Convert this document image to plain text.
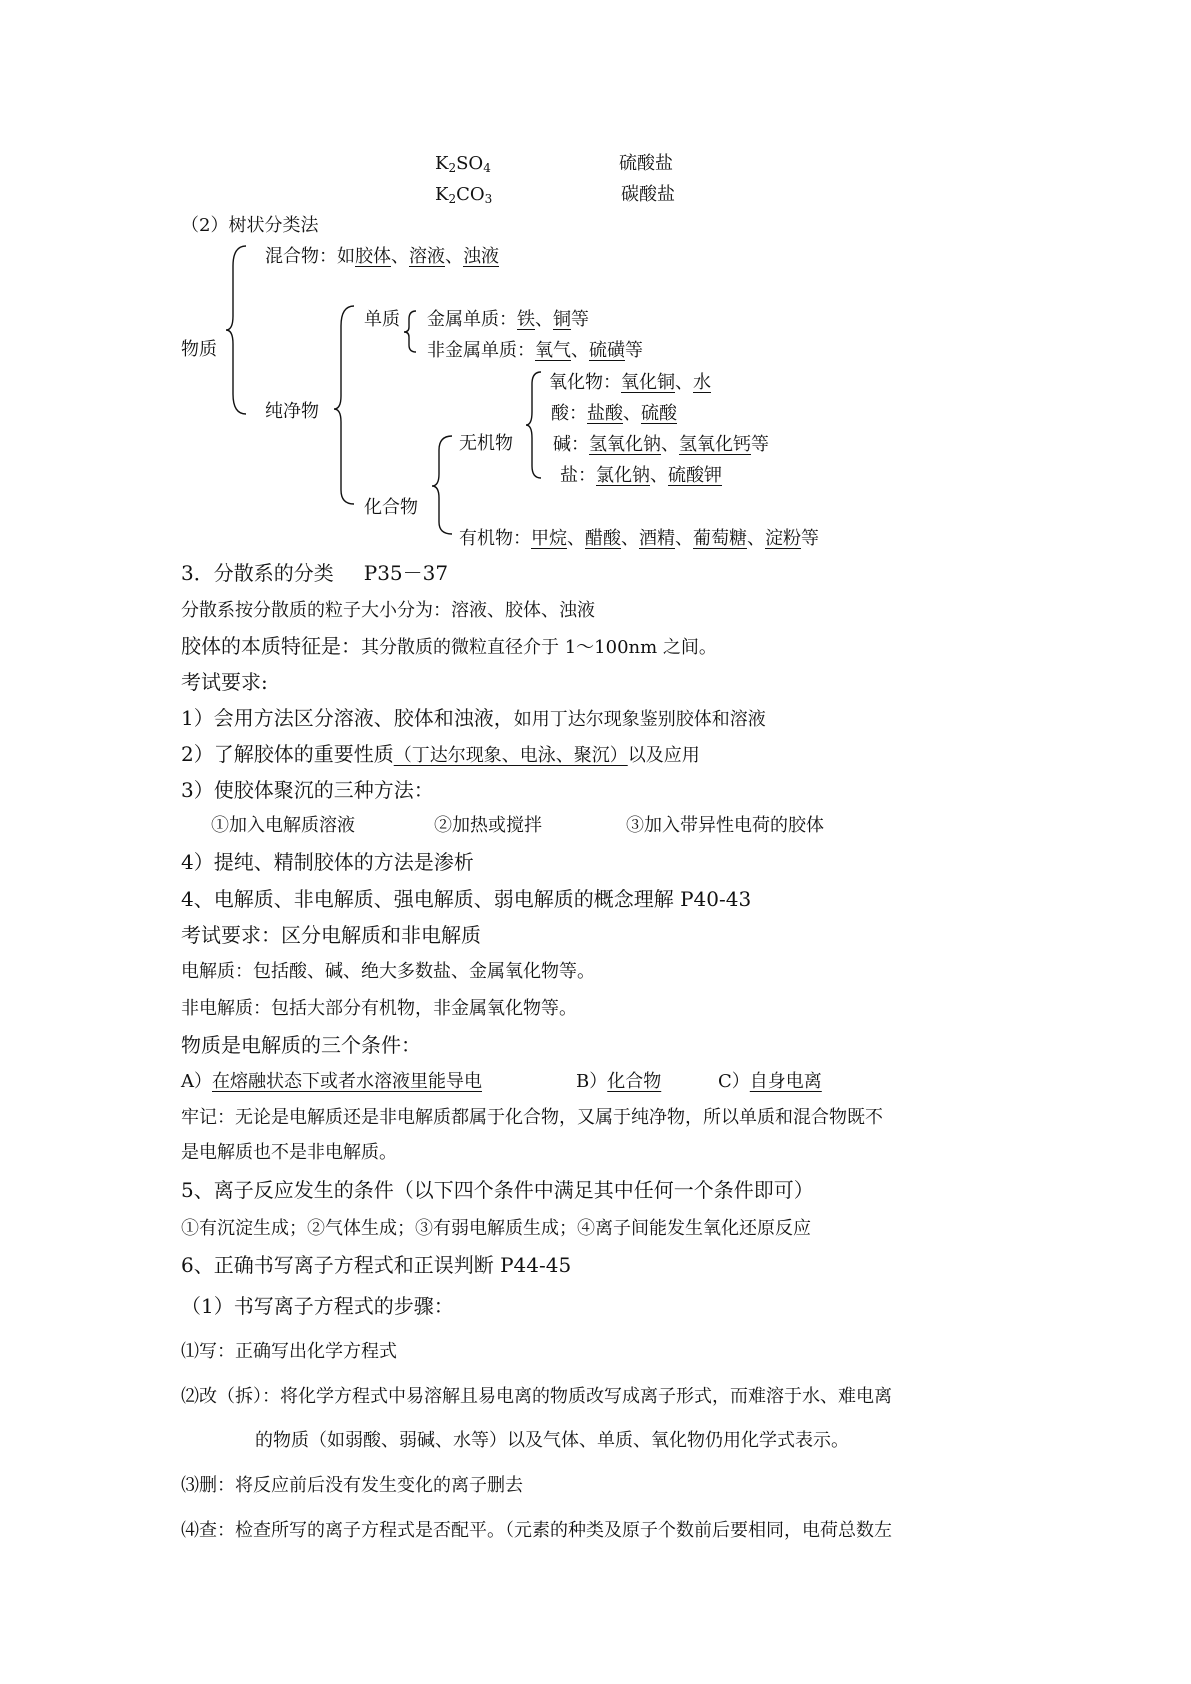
$K_2SO_4$	硫酸盐
$K_2CO_3$	碳酸盐
（2）树状分类法
物质
混合物：如胶体、溶液、浊液
纯净物
单质 金属单质：铁、铜等
非金属单质：氧气、硫磺等
化合物
无机物
氧化物：氧化铜、水
酸：盐酸、硫酸
碱：氢氧化钠、氢氧化钙等
盐：氯化钠、硫酸钾
有机物：甲烷、醋酸、酒精、葡萄糖、淀粉等
3．分散系的分类 P35－37
分散系按分散质的粒子大小分为：溶液、胶体、浊液
胶体的本质特征是：其分散质的微粒直径介于 1～100nm 之间。
考试要求:
1）会用方法区分溶液、胶体和浊液，如用丁达尔现象鉴别胶体和溶液
2）了解胶体的重要性质（丁达尔现象、电泳、聚沉）以及应用
3）使胶体聚沉的三种方法：
①加入电解质溶液	②加热或搅拌	③加入带异性电荷的胶体
4）提纯、精制胶体的方法是渗析
4、电解质、非电解质、强电解质、弱电解质的概念理解 P40-43
考试要求：区分电解质和非电解质
电解质：包括酸、碱、绝大多数盐、金属氧化物等。
非电解质：包括大部分有机物，非金属氧化物等。
物质是电解质的三个条件：
A）在熔融状态下或者水溶液里能导电	B）化合物	C）自身电离
牢记：无论是电解质还是非电解质都属于化合物，又属于纯净物，所以单质和混合物既不
是电解质也不是非电解质。
5、离子反应发生的条件（以下四个条件中满足其中任何一个条件即可）
①有沉淀生成；②气体生成；③有弱电解质生成；④离子间能发生氧化还原反应
6、正确书写离子方程式和正误判断 P44-45
（1）书写离子方程式的步骤：
⑴写：正确写出化学方程式
⑵改（拆）：将化学方程式中易溶解且易电离的物质改写成离子形式，而难溶于水、难电离
的物质（如弱酸、弱碱、水等）以及气体、单质、氧化物仍用化学式表示。
⑶删：将反应前后没有发生变化的离子删去
⑷查：检查所写的离子方程式是否配平。（元素的种类及原子个数前后要相同，电荷总数左
